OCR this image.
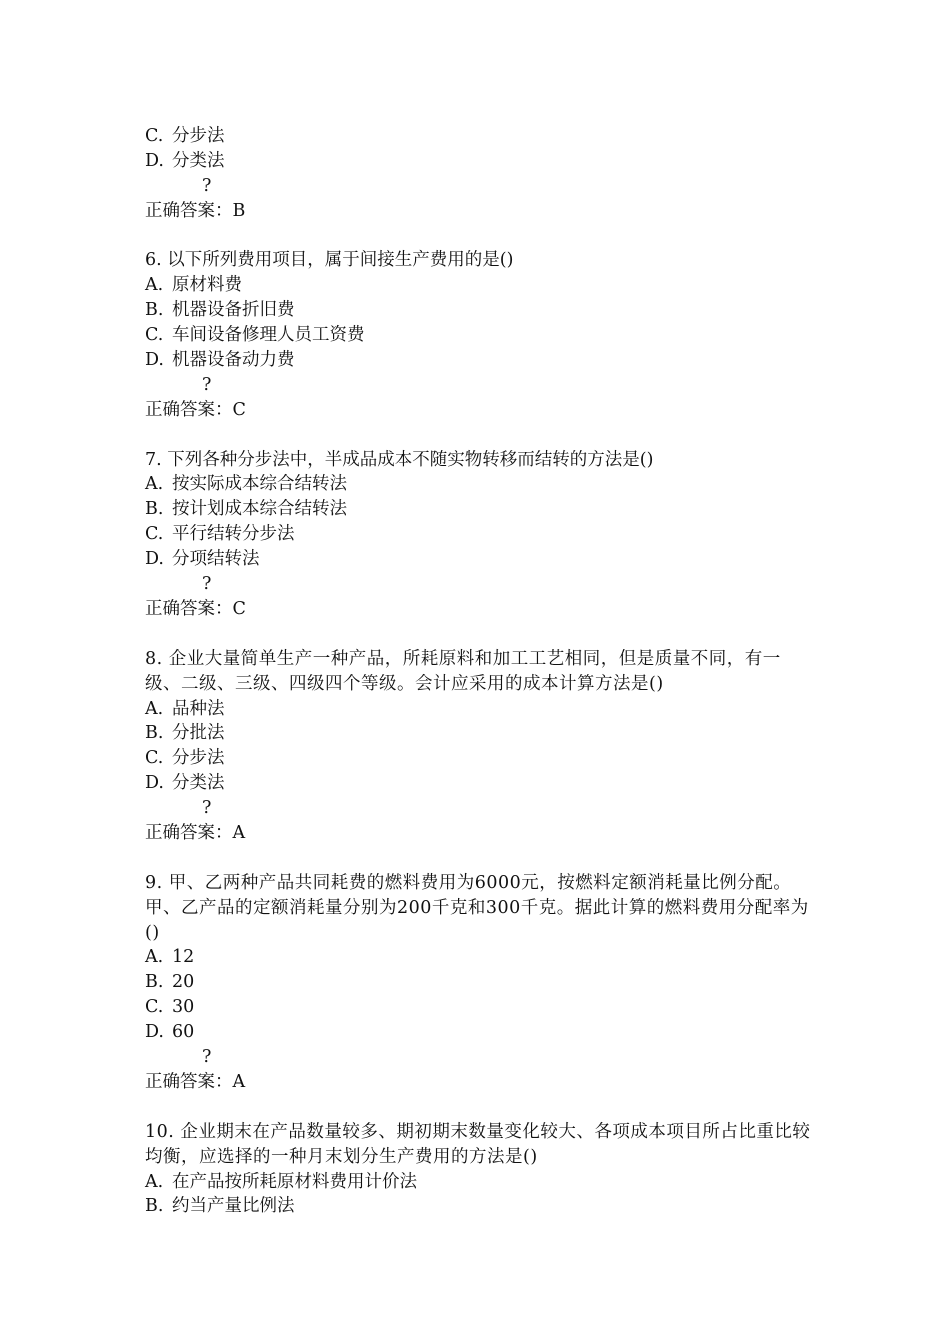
C. 分步法
D. 分类法
?
正确答案：B
6. 以下所列费用项目，属于间接生产费用的是()
A. 原材料费
B. 机器设备折旧费
C. 车间设备修理人员工资费
D. 机器设备动力费
?
正确答案：C
7. 下列各种分步法中，半成品成本不随实物转移而结转的方法是()
A. 按实际成本综合结转法
B. 按计划成本综合结转法
C. 平行结转分步法
D. 分项结转法
?
正确答案：C
8. 企业大量简单生产一种产品，所耗原料和加工工艺相同，但是质量不同，有一级、二级、三级、四级四个等级。会计应采用的成本计算方法是()
A. 品种法
B. 分批法
C. 分步法
D. 分类法
?
正确答案：A
9. 甲、乙两种产品共同耗费的燃料费用为6000元，按燃料定额消耗量比例分配。甲、乙产品的定额消耗量分别为200千克和300千克。据此计算的燃料费用分配率为()
A. 12
B. 20
C. 30
D. 60
?
正确答案：A
10. 企业期末在产品数量较多、期初期末数量变化较大、各项成本项目所占比重比较均衡，应选择的一种月末划分生产费用的方法是()
A. 在产品按所耗原材料费用计价法
B. 约当产量比例法
